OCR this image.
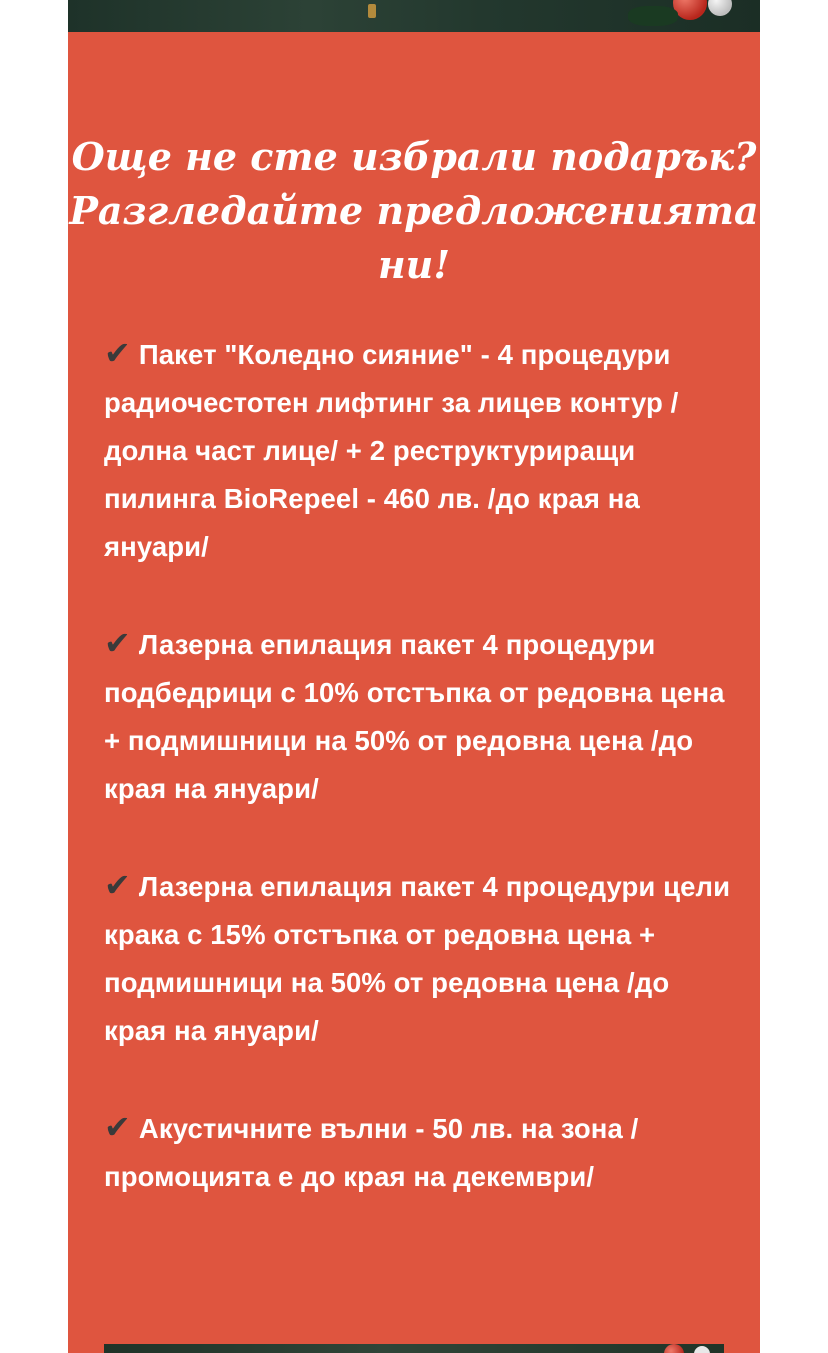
Още не сте избрали подарък? Разгледайте предложенията ни!
✔ Пакет "Коледно сияние" - 4 процедури радиочестотен лифтинг за лицев контур /долна част лице/ + 2 реструктуриращи пилинга BioRepeel - 460 лв. /до края на януари/
✔ Лазерна епилация пакет 4 процедури подбедрици с 10% отстъпка от редовна цена
+ подмишници на 50% от редовна цена /до края на януари/
✔ Лазерна епилация пакет 4 процедури цели крака с 15% отстъпка от редовна цена + подмишници на 50% от редовна цена /до края на януари/
✔ Акустичните вълни - 50 лв. на зона /промоцията е до края на декември/
